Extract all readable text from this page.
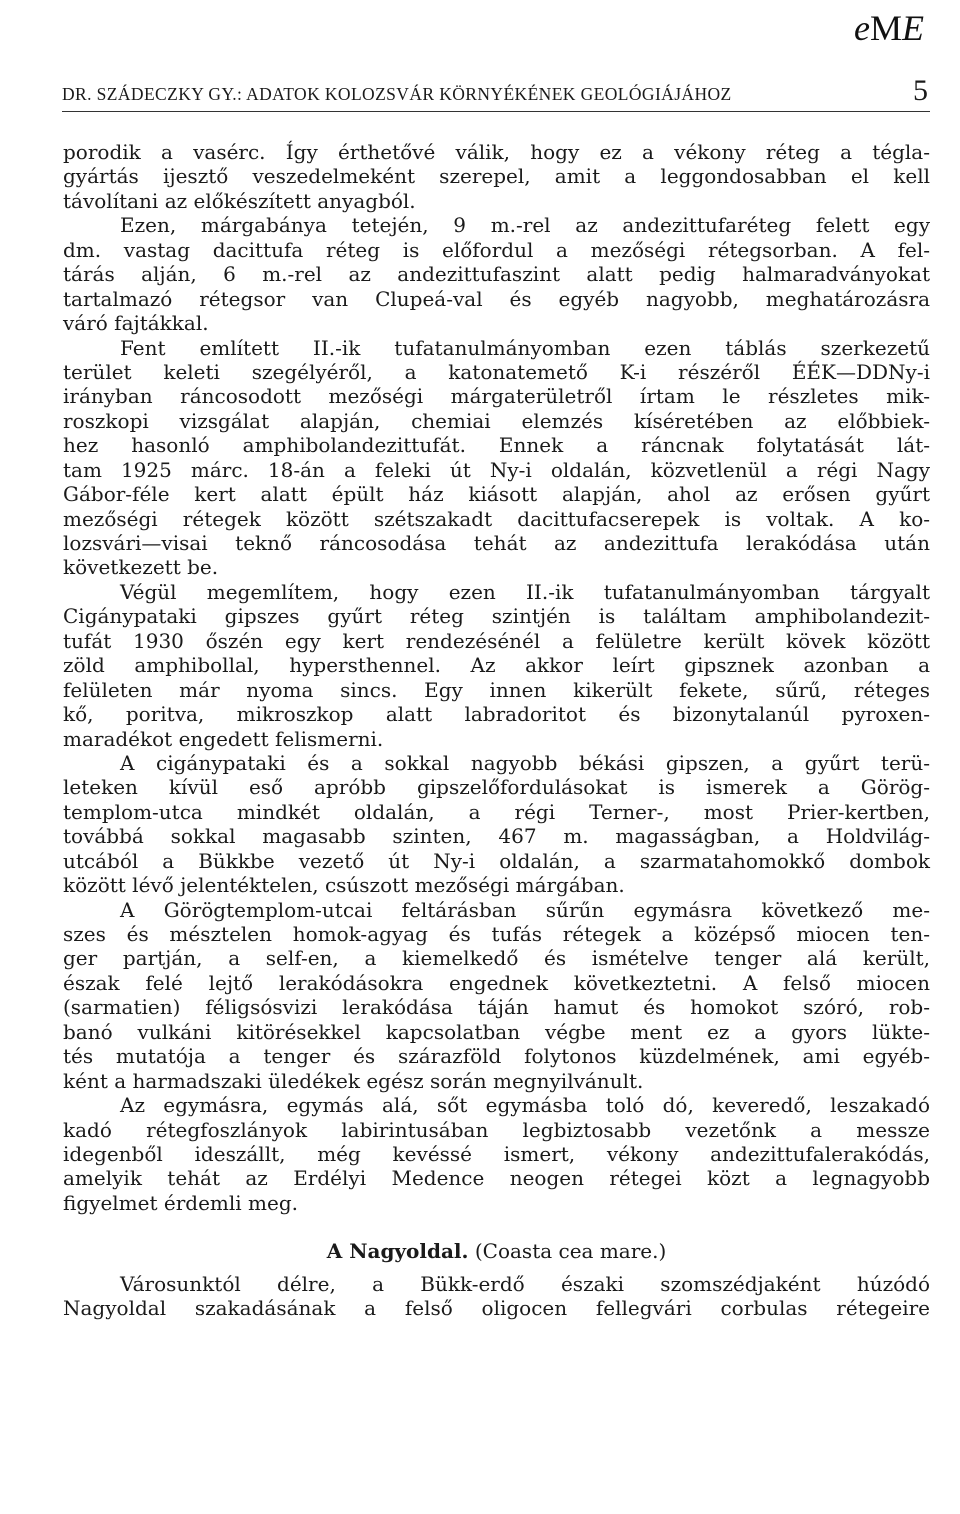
eME
DR. SZÁDECZKY GY.: ADATOK KOLOZSVÁR KÖRNYÉKÉNEK GEOLÓGIÁJÁHOZ	5
porodik a vasérc. Így érthetővé válik, hogy ez a vékony réteg a tégla-
gyártás ijesztő veszedelmeként szerepel, amit a leggondosabban el kell
távolítani az előkészített anyagból.
Ezen, márgabánya tetején, 9 m.-rel az andezittufaréteg felett egy
dm. vastag dacittufa réteg is előfordul a mezőségi rétegsorban. A fel-
tárás alján, 6 m.-rel az andezittufaszint alatt pedig halmaradványokat
tartalmazó rétegsor van Clupeá-val és egyéb nagyobb, meghatározásra
váró fajtákkal.
Fent említett II.-ik tufatanulmányomban ezen táblás szerkezetű
terület keleti szegélyéről, a katonatemető K-i részéről ÉÉK—DDNy-i
irányban ráncosodott mezőségi márgaterületről írtam le részletes mik-
roszkopi vizsgálat alapján, chemiai elemzés kíséretében az előbbiek-
hez hasonló amphibolandezittufát. Ennek a ráncnak folytatását lát-
tam 1925 márc. 18-án a feleki út Ny-i oldalán, közvetlenül a régi Nagy
Gábor-féle kert alatt épült ház kiásott alapján, ahol az erősen gyűrt
mezőségi rétegek között szétszakadt dacittufacserepek is voltak. A ko-
lozsvári—visai teknő ráncosodása tehát az andezittufa lerakódása után
következett be.
Végül megemlítem, hogy ezen II.-ik tufatanulmányomban tárgyalt
Cigánypataki gipszes gyűrt réteg szintjén is találtam amphibolandezit-
tufát 1930 őszén egy kert rendezésénél a felületre került kövek között
zöld amphibollal, hypersthennel. Az akkor leírt gipsznek azonban a
felületen már nyoma sincs. Egy innen kikerült fekete, sűrű, réteges
kő, poritva, mikroszkop alatt labradoritot és bizonytalanúl pyroxen-
maradékot engedett felismerni.
A cigánypataki és a sokkal nagyobb békási gipszen, a gyűrt terü-
leteken kívül eső apróbb gipszelőfordulásokat is ismerek a Görög-
templom-utca mindkét oldalán, a régi Terner-, most Prier-kertben,
továbbá sokkal magasabb szinten, 467 m. magasságban, a Holdvilág-
utcából a Bükkbe vezető út Ny-i oldalán, a szarmatahomokkő dombok
között lévő jelentéktelen, csúszott mezőségi márgában.
A Görögtemplom-utcai feltárásban sűrűn egymásra következő me-
szes és mésztelen homok-agyag és tufás rétegek a középső miocen ten-
ger partján, a self-en, a kiemelkedő és ismételve tenger alá került,
észak felé lejtő lerakódásokra engednek következtetni. A felső miocen
(sarmatien) féligsósvizi lerakódása táján hamut és homokot szóró, rob-
banó vulkáni kitörésekkel kapcsolatban végbe ment ez a gyors lükte-
tés mutatója a tenger és szárazföld folytonos küzdelmének, ami egyéb-
ként a harmadszaki üledékek egész során megnyilvánult.
Az egymásra, egymás alá, sőt egymásba toló dó, keveredő, leszakadó
kadó rétegfoszlányok labirintusában legbiztosabb vezetőnk a messze
idegenből ideszállt, még kevéssé ismert, vékony andezittufalerakódás,
amelyik tehát az Erdélyi Medence neogen rétegei közt a legnagyobb
figyelmet érdemli meg.
A Nagyoldal. (Coasta cea mare.)
Városunktól délre, a Bükk-erdő északi szomszédjaként húzódó
Nagyoldal szakadásának a felső oligocen fellegvári corbulas rétegeire
